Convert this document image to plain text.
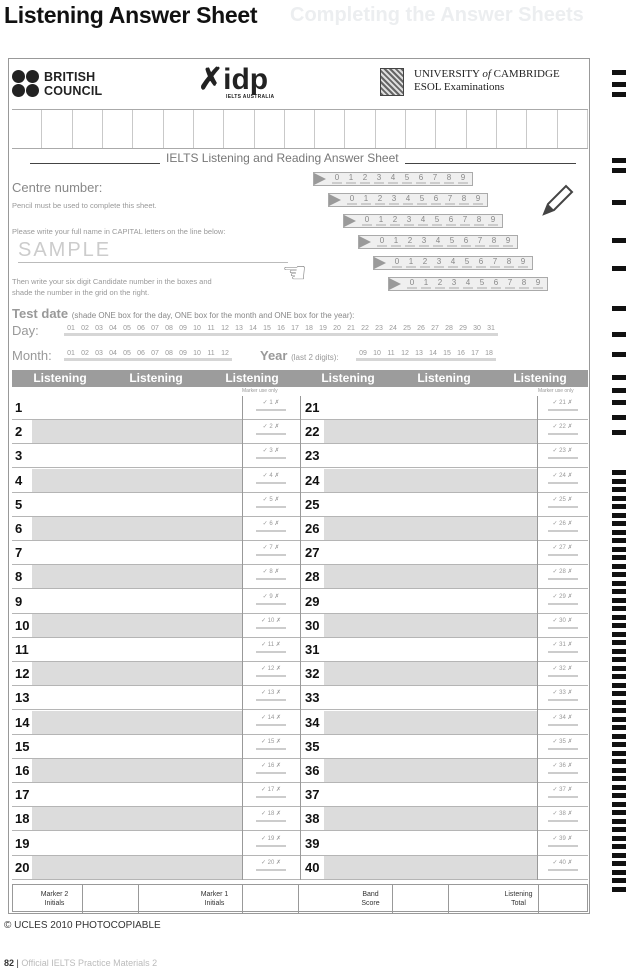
Listening Answer Sheet Completing the Answer Sheets
BRITISH
COUNCIL	✗idp
IELTS AUSTRALIA
UNIVERSITY of CAMBRIDGE
ESOL Examinations
IELTS Listening and Reading Answer Sheet
Centre number:
Pencil must be used to complete this sheet.
Please write your full name in CAPITAL letters on the line below:
SAMPLE
Then write your six digit Candidate number in the boxes and
shade the number in the grid on the right.
☜
0	1	2	3	4	5	6	7	8	9
0	1	2	3	4	5	6	7	8	9
0	1	2	3	4	5	6	7	8	9
0	1	2	3	4	5	6	7	8	9
0	1	2	3	4	5	6	7	8	9
0	1	2	3	4	5	6	7	8	9
Test date (shade ONE box for the day, ONE box for the month and ONE box for the year):
Day:	01 02 03 04 05 06 07 08 09 10 11 12 13 14 15 16 17 18 19 20 21 22 23 24 25 26 27 28 29 30 31
Month:	01 02 03 04 05 06 07 08 09 10 11 12 Year (last 2 digits):	09 10 11 12 13 14 15 16 17 18
Listening	Listening	Listening	Listening	Listening	Listening
Marker use only	Marker use only
1	✓ 1 ✗	21	✓ 21 ✗
2	✓ 2 ✗	22	✓ 22 ✗
3	✓ 3 ✗	23	✓ 23 ✗
4	✓ 4 ✗	24	✓ 24 ✗
5	✓ 5 ✗	25	✓ 25 ✗
6	✓ 6 ✗	26	✓ 26 ✗
7	✓ 7 ✗	27	✓ 27 ✗
8	✓ 8 ✗	28	✓ 28 ✗
9	✓ 9 ✗	29	✓ 29 ✗
10	✓ 10 ✗	30	✓ 30 ✗
11	✓ 11 ✗	31	✓ 31 ✗
12	✓ 12 ✗	32	✓ 32 ✗
13	✓ 13 ✗	33	✓ 33 ✗
14	✓ 14 ✗	34	✓ 34 ✗
15	✓ 15 ✗	35	✓ 35 ✗
16	✓ 16 ✗	36	✓ 36 ✗
17	✓ 17 ✗	37	✓ 37 ✗
18	✓ 18 ✗	38	✓ 38 ✗
19	✓ 19 ✗	39	✓ 39 ✗
20	✓ 20 ✗	40	✓ 40 ✗
Marker 2
Initials
Marker 1
Initials
Band
Score
Listening
Total
© UCLES 2010 PHOTOCOPIABLE
82 | Official IELTS Practice Materials 2
